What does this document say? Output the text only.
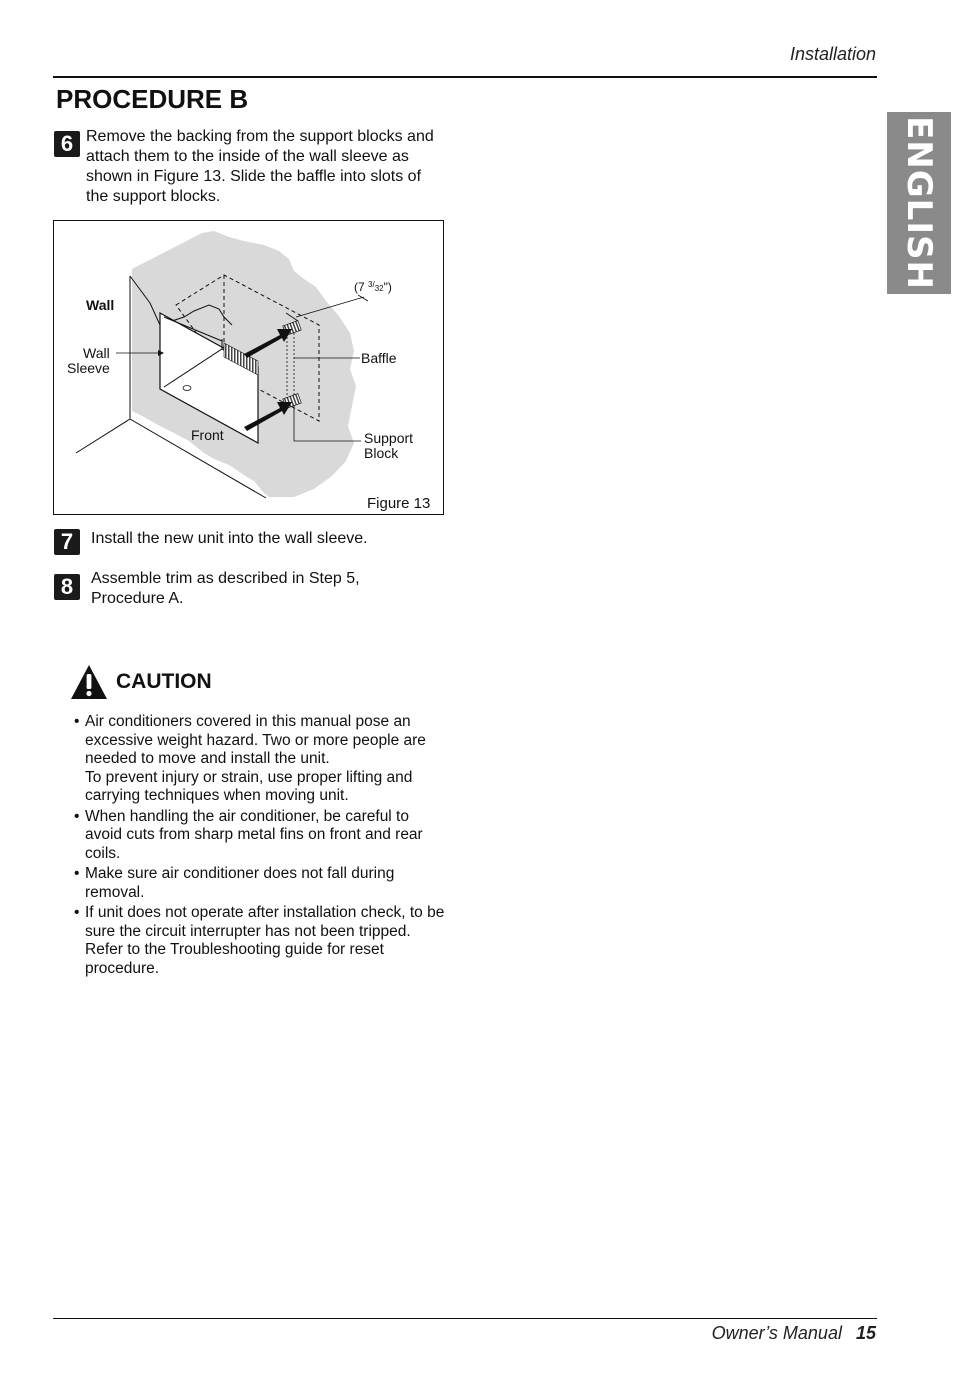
Installation
ENGLISH
PROCEDURE B
6 Remove the backing from the support blocks and attach them to the inside of the wall sleeve as shown in Figure 13. Slide the baffle into slots of the support blocks.
Wall
Wall
Sleeve
Front
Baffle
Support
Block
(7 $^3/_{32}$")
Figure 13
7	Install the new unit into the wall sleeve.
8	Assemble trim as described in Step 5, Procedure A.
CAUTION
• Air conditioners covered in this manual pose an excessive weight hazard. Two or more people are needed to move and install the unit.
To prevent injury or strain, use proper lifting and carrying techniques when moving unit.
• When handling the air conditioner, be careful to avoid cuts from sharp metal fins on front and rear coils.
• Make sure air conditioner does not fall during removal.
• If unit does not operate after installation check, to be sure the circuit interrupter has not been tripped. Refer to the Troubleshooting guide for reset procedure.
Owner’s Manual 15
